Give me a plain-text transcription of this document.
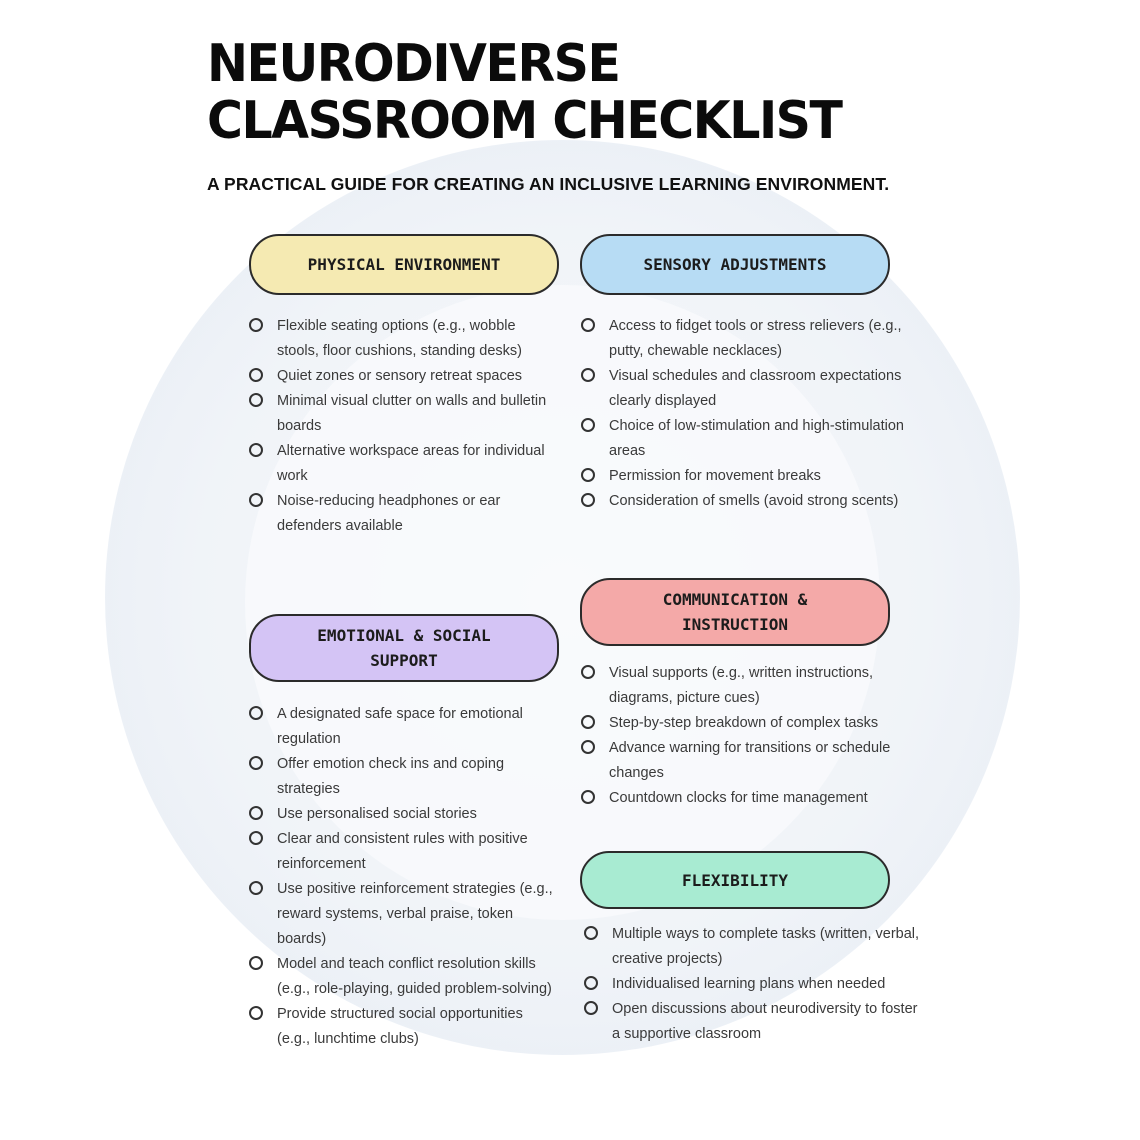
NEURODIVERSE
CLASSROOM CHECKLIST
A PRACTICAL GUIDE FOR CREATING AN INCLUSIVE LEARNING ENVIRONMENT.
PHYSICAL ENVIRONMENT	SENSORY ADJUSTMENTS
EMOTIONAL & SOCIAL
SUPPORT
COMMUNICATION &
INSTRUCTION
FLEXIBILITY
Flexible seating options (e.g., wobble stools, floor cushions, standing desks)
Quiet zones or sensory retreat spaces
Minimal visual clutter on walls and bulletin boards
Alternative workspace areas for individual work
Noise-reducing headphones or ear defenders available
Access to fidget tools or stress relievers (e.g., putty, chewable necklaces)
Visual schedules and classroom expectations clearly displayed
Choice of low-stimulation and high-stimulation areas
Permission for movement breaks
Consideration of smells (avoid strong scents)
A designated safe space for emotional regulation
Offer emotion check ins and coping strategies
Use personalised social stories
Clear and consistent rules with positive reinforcement
Use positive reinforcement strategies (e.g., reward systems, verbal praise, token boards)
Model and teach conflict resolution skills (e.g., role-playing, guided problem-solving)
Provide structured social opportunities (e.g., lunchtime clubs)
Visual supports (e.g., written instructions, diagrams, picture cues)
Step-by-step breakdown of complex tasks
Advance warning for transitions or schedule changes
Countdown clocks for time management
Multiple ways to complete tasks (written, verbal, creative projects)
Individualised learning plans when needed
Open discussions about neurodiversity to foster a supportive classroom
